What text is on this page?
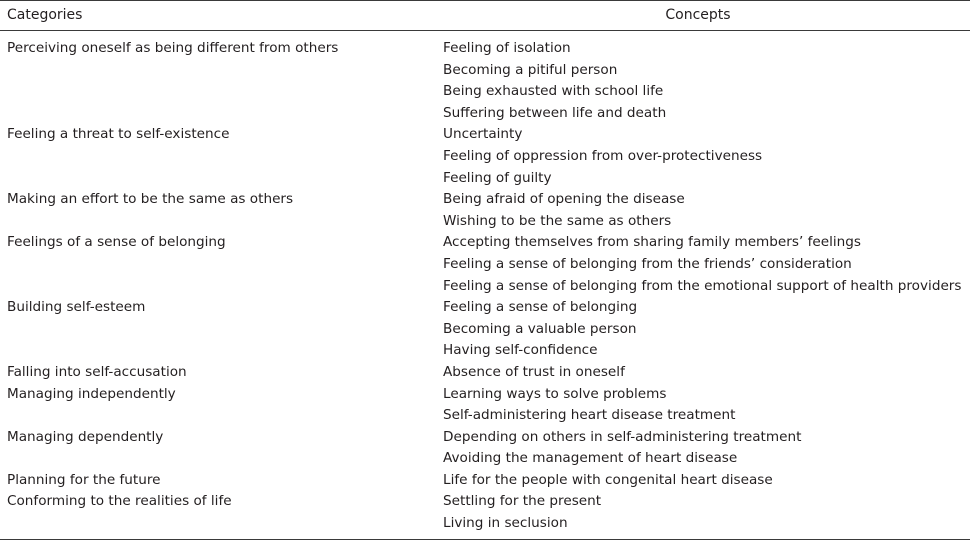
Categories	Concepts
Perceiving oneself as being different from others	Feeling of isolation
Becoming a pitiful person
Being exhausted with school life
Suffering between life and death
Feeling a threat to self-existence	Uncertainty
Feeling of oppression from over-protectiveness
Feeling of guilty
Making an effort to be the same as others	Being afraid of opening the disease
Wishing to be the same as others
Feelings of a sense of belonging	Accepting themselves from sharing family members’ feelings
Feeling a sense of belonging from the friends’ consideration
Feeling a sense of belonging from the emotional support of health providers
Building self-esteem	Feeling a sense of belonging
Becoming a valuable person
Having self-confidence
Falling into self-accusation	Absence of trust in oneself
Managing independently	Learning ways to solve problems
Self-administering heart disease treatment
Managing dependently	Depending on others in self-administering treatment
Avoiding the management of heart disease
Planning for the future	Life for the people with congenital heart disease
Conforming to the realities of life	Settling for the present
Living in seclusion
